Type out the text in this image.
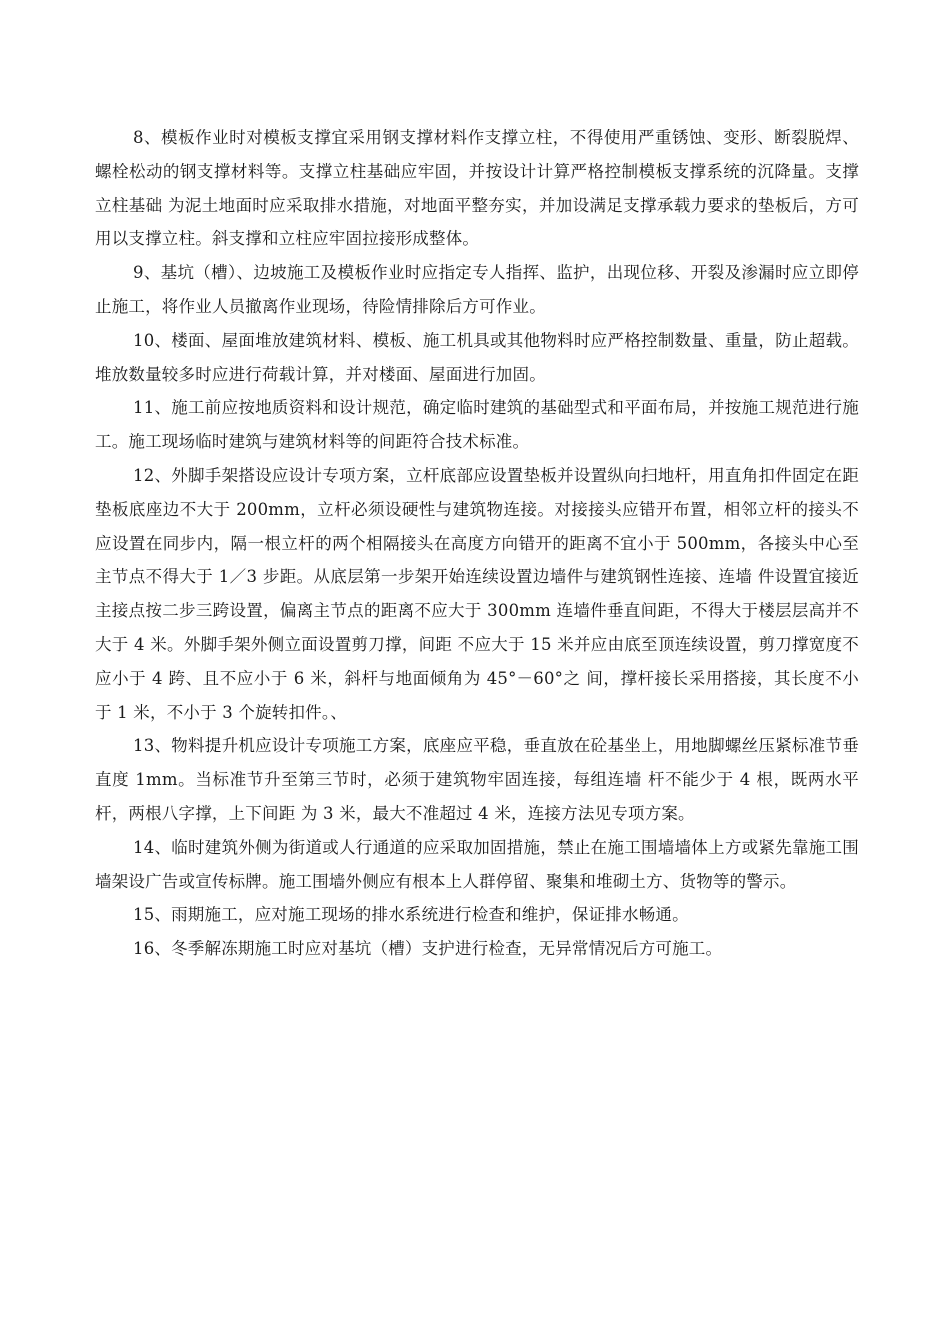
8、模板作业时对模板支撑宜采用钢支撑材料作支撑立柱，不得使用严重锈蚀、变形、断裂脱焊、螺栓松动的钢支撑材料等。支撑立柱基础应牢固，并按设计计算严格控制模板支撑系统的沉降量。支撑立柱基础 为泥土地面时应采取排水措施，对地面平整夯实，并加设满足支撑承载力要求的垫板后，方可用以支撑立柱。斜支撑和立柱应牢固拉接形成整体。

9、基坑（槽）、边坡施工及模板作业时应指定专人指挥、监护，出现位移、开裂及渗漏时应立即停止施工，将作业人员撤离作业现场，待险情排除后方可作业。

10、楼面、屋面堆放建筑材料、模板、施工机具或其他物料时应严格控制数量、重量，防止超载。堆放数量较多时应进行荷载计算，并对楼面、屋面进行加固。

11、施工前应按地质资料和设计规范，确定临时建筑的基础型式和平面布局，并按施工规范进行施工。施工现场临时建筑与建筑材料等的间距符合技术标准。

12、外脚手架搭设应设计专项方案，立杆底部应设置垫板并设置纵向扫地杆，用直角扣件固定在距垫板底座边不大于 200mm，立杆必须设硬性与建筑物连接。对接接头应错开布置，相邻立杆的接头不应设置在同步内，隔一根立杆的两个相隔接头在高度方向错开的距离不宜小于 500mm，各接头中心至主节点不得大于 1／3 步距。从底层第一步架开始连续设置边墙件与建筑钢性连接、连墙 件设置宜接近主接点按二步三跨设置，偏离主节点的距离不应大于 300mm 连墙件垂直间距，不得大于楼层层高并不大于 4 米。外脚手架外侧立面设置剪刀撑，间距 不应大于 15 米并应由底至顶连续设置，剪刀撑宽度不应小于 4 跨、且不应小于 6 米，斜杆与地面倾角为 45°－60°之 间，撑杆接长采用搭接，其长度不小于 1 米，不小于 3 个旋转扣件。、

13、物料提升机应设计专项施工方案，底座应平稳，垂直放在砼基坐上，用地脚螺丝压紧标准节垂直度 1mm。当标准节升至第三节时，必须于建筑物牢固连接，每组连墙 杆不能少于 4 根，既两水平杆，两根八字撑，上下间距 为 3 米，最大不准超过 4 米，连接方法见专项方案。

14、临时建筑外侧为街道或人行通道的应采取加固措施，禁止在施工围墙墙体上方或紧先靠施工围墙架设广告或宣传标牌。施工围墙外侧应有根本上人群停留、聚集和堆砌土方、货物等的警示。

15、雨期施工，应对施工现场的排水系统进行检查和维护，保证排水畅通。

16、冬季解冻期施工时应对基坑（槽）支护进行检查，无异常情况后方可施工。
